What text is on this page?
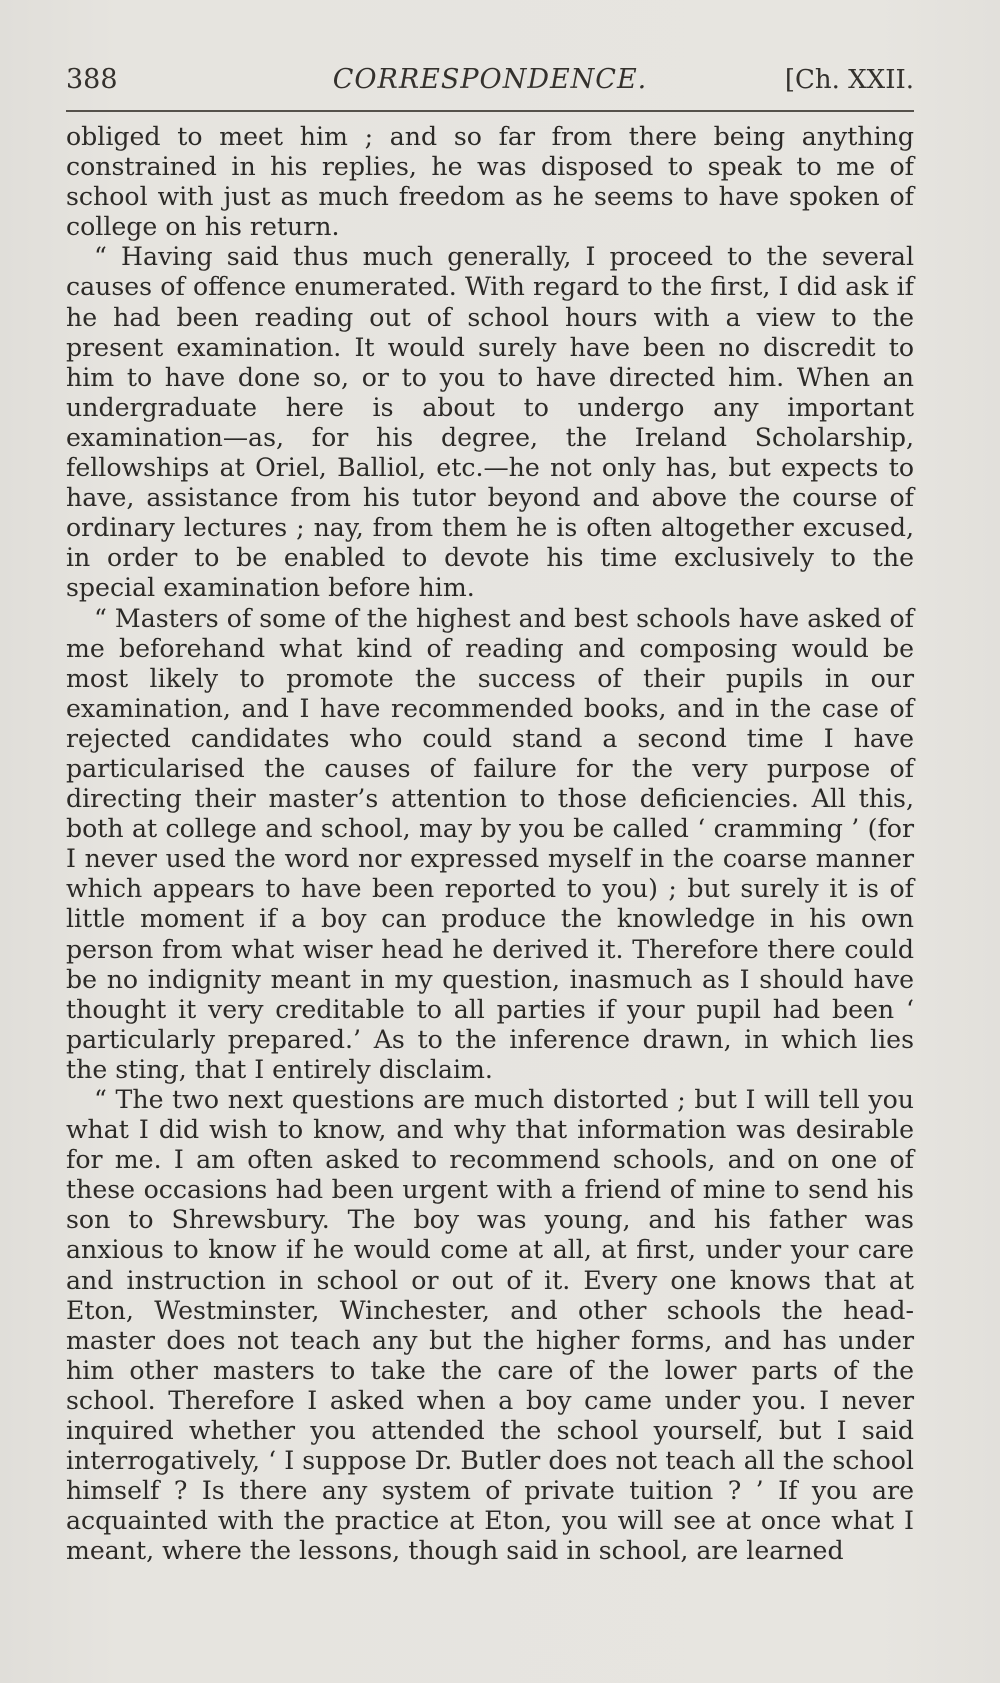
388	CORRESPONDENCE.	[Ch. XXII.

obliged to meet him ; and so far from there being anything constrained in his replies, he was disposed to speak to me of school with just as much freedom as he seems to have spoken of college on his return.

“ Having said thus much generally, I proceed to the several causes of offence enumerated. With regard to the first, I did ask if he had been reading out of school hours with a view to the present examination. It would surely have been no discredit to him to have done so, or to you to have directed him. When an undergraduate here is about to undergo any important examination—as, for his degree, the Ireland Scholarship, fellowships at Oriel, Balliol, etc.—he not only has, but expects to have, assistance from his tutor beyond and above the course of ordinary lectures ; nay, from them he is often altogether excused, in order to be enabled to devote his time exclusively to the special examination before him.

“ Masters of some of the highest and best schools have asked of me beforehand what kind of reading and composing would be most likely to promote the success of their pupils in our examination, and I have recommended books, and in the case of rejected candidates who could stand a second time I have particularised the causes of failure for the very purpose of directing their master’s attention to those deficiencies. All this, both at college and school, may by you be called ‘ cramming ’ (for I never used the word nor expressed myself in the coarse manner which appears to have been reported to you) ; but surely it is of little moment if a boy can produce the knowledge in his own person from what wiser head he derived it. Therefore there could be no indignity meant in my question, inasmuch as I should have thought it very creditable to all parties if your pupil had been ‘ particularly prepared.’ As to the inference drawn, in which lies the sting, that I entirely disclaim.

“ The two next questions are much distorted ; but I will tell you what I did wish to know, and why that information was desirable for me. I am often asked to recommend schools, and on one of these occasions had been urgent with a friend of mine to send his son to Shrewsbury. The boy was young, and his father was anxious to know if he would come at all, at first, under your care and instruction in school or out of it. Every one knows that at Eton, Westminster, Winchester, and other schools the head-master does not teach any but the higher forms, and has under him other masters to take the care of the lower parts of the school. Therefore I asked when a boy came under you. I never inquired whether you attended the school yourself, but I said interrogatively, ‘ I suppose Dr. Butler does not teach all the school himself ? Is there any system of private tuition ? ’ If you are acquainted with the practice at Eton, you will see at once what I meant, where the lessons, though said in school, are learned
